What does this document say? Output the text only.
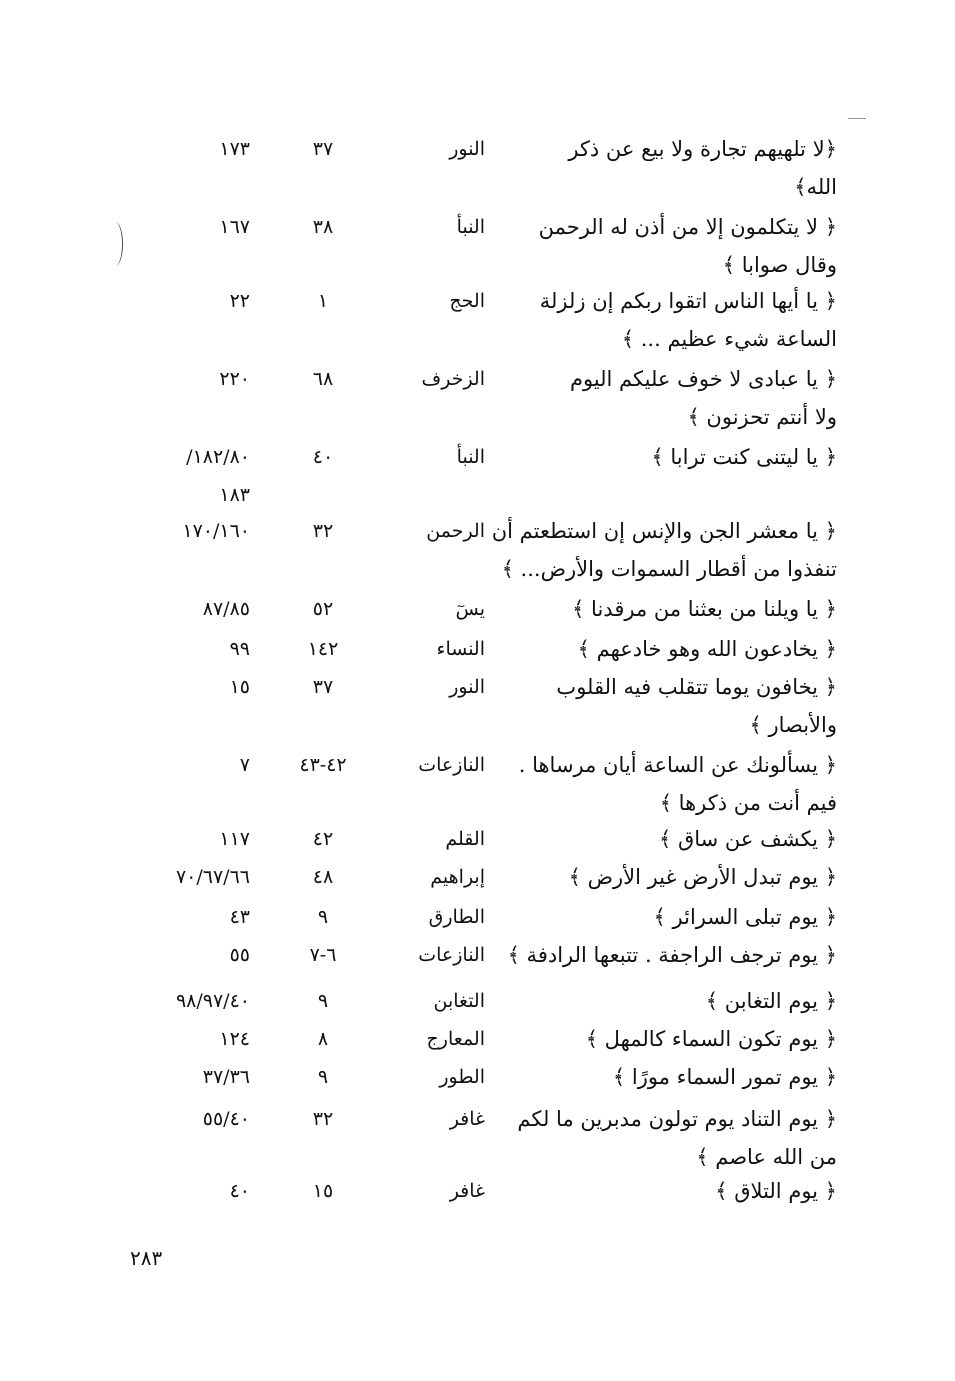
﴿لا تلهيهم تجارة ولا بيع عن ذكر
الله﴾
النور
٣٧
١٧٣
﴿ لا يتكلمون إلا من أذن له الرحمن
وقال صوابا ﴾
النبأ
٣٨
١٦٧
﴿ يا أيها الناس اتقوا ربكم إن زلزلة
الساعة شيء عظيم ... ﴾
الحج
١
٢٢
﴿ يا عبادى لا خوف عليكم اليوم
ولا أنتم تحزنون ﴾
الزخرف
٦٨
٢٢٠
﴿ يا ليتنى كنت ترابا ﴾
النبأ
٤٠
/١٨٢/٨٠
١٨٣
﴿ يا معشر الجن والإنس إن استطعتم أن
تنفذوا من أقطار السموات والأرض... ﴾
الرحمن
٣٢
١٧٠/١٦٠
﴿ يا ويلنا من بعثنا من مرقدنا ﴾
يسٓ
٥٢
٨٧/٨٥
﴿ يخادعون الله وهو خادعهم ﴾
النساء
١٤٢
٩٩
﴿ يخافون يوما تتقلب فيه القلوب
والأبصار ﴾
النور
٣٧
١٥
﴿ يسألونك عن الساعة أيان مرساها .
فيم أنت من ذكرها ﴾
النازعات
٤٢-٤٣
٧
﴿ يكشف عن ساق ﴾
القلم
٤٢
١١٧
﴿ يوم تبدل الأرض غير الأرض ﴾
إبراهيم
٤٨
٧٠/٦٧/٦٦
﴿ يوم تبلى السرائر ﴾
الطارق
٩
٤٣
﴿ يوم ترجف الراجفة . تتبعها الرادفة ﴾
النازعات
٦-٧
٥٥
﴿ يوم التغابن ﴾
التغابن
٩
٩٨/٩٧/٤٠
﴿ يوم تكون السماء كالمهل ﴾
المعارج
٨
١٢٤
﴿ يوم تمور السماء مورًا ﴾
الطور
٩
٣٧/٣٦
﴿ يوم التناد يوم تولون مدبرين ما لكم
من الله عاصم ﴾
غافر
٣٢
٥٥/٤٠
﴿ يوم التلاق ﴾
غافر
١٥
٤٠
٢٨٣
